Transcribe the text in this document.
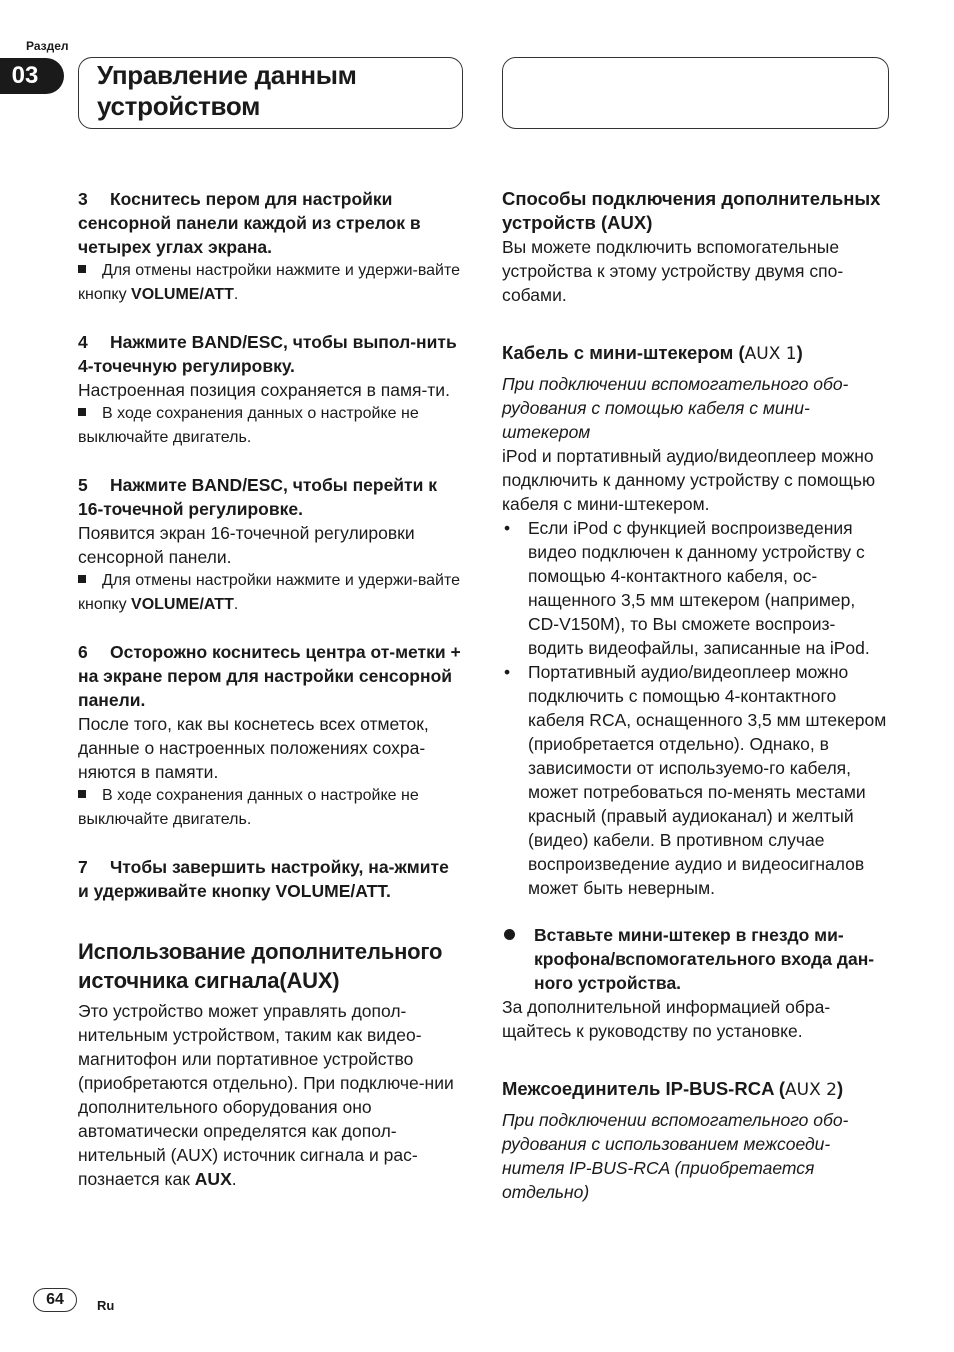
Раздел
03	Управление данным устройством

3 Коснитесь пером для настройки сенсорной панели каждой из стрелок в четырех углах экрана.

Для отмены настройки нажмите и удержи-вайте кнопку VOLUME/ATT.

4 Нажмите BAND/ESC, чтобы выпол-нить 4-точечную регулировку.

Настроенная позиция сохраняется в памя-ти.

В ходе сохранения данных о настройке не выключайте двигатель.

5 Нажмите BAND/ESC, чтобы перейти к 16-точечной регулировке.

Появится экран 16-точечной регулировки сенсорной панели.

Для отмены настройки нажмите и удержи-вайте кнопку VOLUME/ATT.

6 Осторожно коснитесь центра от-метки + на экране пером для настройки сенсорной панели.

После того, как вы коснетесь всех отметок, данные о настроенных положениях сохра-няются в памяти.

В ходе сохранения данных о настройке не выключайте двигатель.

7 Чтобы завершить настройку, на-жмите и удерживайте кнопку VOLUME/ATT.

Использование дополнительного источника сигнала(AUX)

Это устройство может управлять допол-нительным устройством, таким как видео-магнитофон или портативное устройство (приобретаются отдельно). При подключе-нии дополнительного оборудования оно автоматически определятся как допол-нительный (AUX) источник сигнала и рас-познается как AUX.

Способы подключения дополнительных устройств (AUX)

Вы можете подключить вспомогательные устройства к этому устройству двумя спо-собами.

Кабель с мини-штекером (AUX 1)

При подключении вспомогательного обо-рудования с помощью кабеля с мини-штекером

iPod и портативный аудио/видеоплеер можно подключить к данному устройству с помощью кабеля с мини-штекером.

• Если iPod с функцией воспроизведения видео подключен к данному устройству с помощью 4-контактного кабеля, ос-нащенного 3,5 мм штекером (например, CD-V150M), то Вы сможете воспроиз-водить видеофайлы, записанные на iPod.
• Портативный аудио/видеоплеер можно подключить с помощью 4-контактного кабеля RCA, оснащенного 3,5 мм штекером (приобретается отдельно). Однако, в зависимости от используемо-го кабеля, может потребоваться по-менять местами красный (правый аудиоканал) и желтый (видео) кабели. В противном случае воспроизведение аудио и видеосигналов может быть неверным.

Вставьте мини-штекер в гнездо ми-крофона/вспомогательного входа дан-ного устройства.

За дополнительной информацией обра-щайтесь к руководству по установке.

Межсоединитель IP-BUS-RCA (AUX 2)

При подключении вспомогательного обо-рудования с использованием межсоеди-нителя IP-BUS-RCA (приобретается отдельно)

64	Ru
